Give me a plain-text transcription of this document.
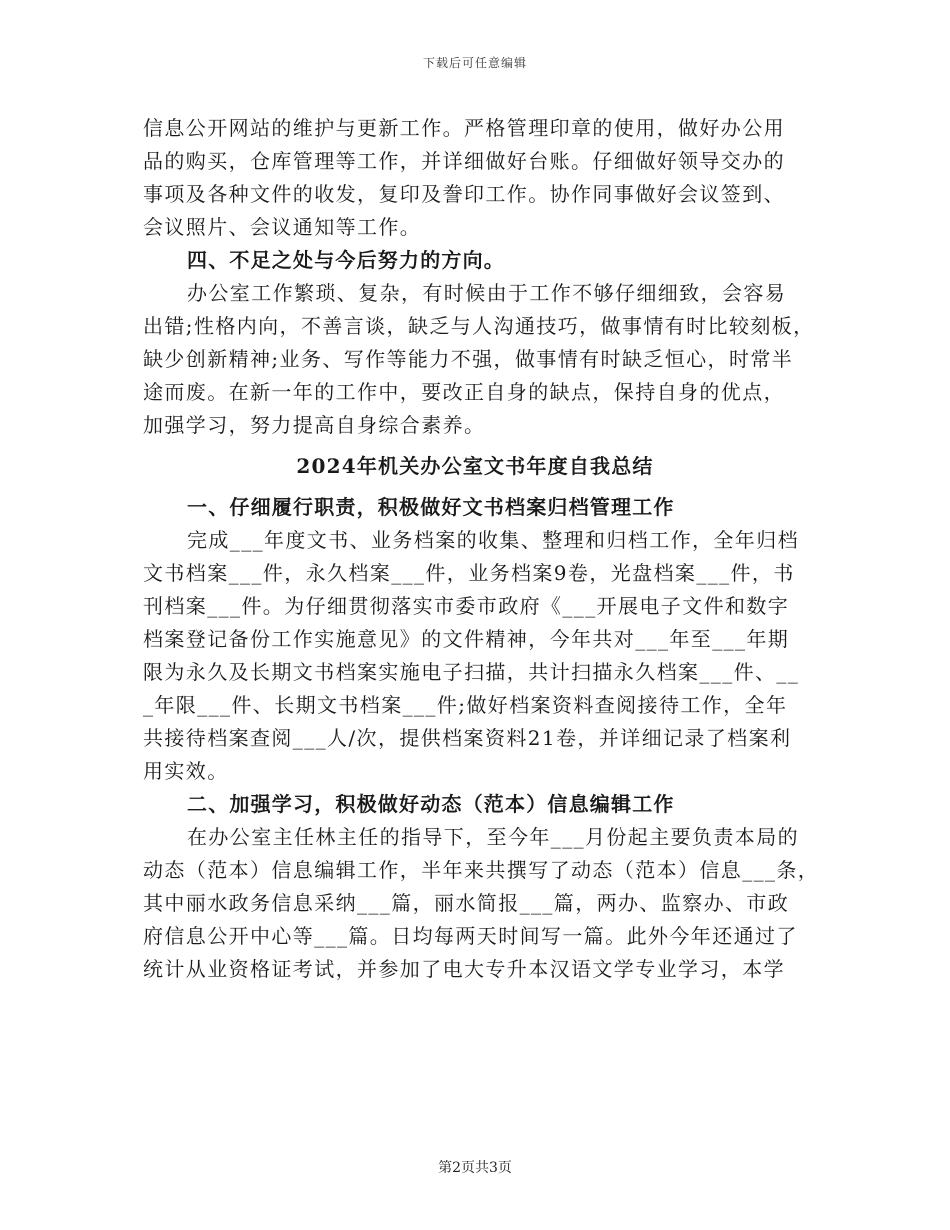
下载后可任意编辑
信息公开网站的维护与更新工作。严格管理印章的使用，做好办公用
品的购买，仓库管理等工作，并详细做好台账。仔细做好领导交办的
事项及各种文件的收发，复印及誊印工作。协作同事做好会议签到、
会议照片、会议通知等工作。
四、不足之处与今后努力的方向。
办公室工作繁琐、复杂，有时候由于工作不够仔细细致，会容易
出错;性格内向，不善言谈，缺乏与人沟通技巧，做事情有时比较刻板，
缺少创新精神;业务、写作等能力不强，做事情有时缺乏恒心，时常半
途而废。在新一年的工作中，要改正自身的缺点，保持自身的优点，
加强学习，努力提高自身综合素养。
2024年机关办公室文书年度自我总结
一、仔细履行职责，积极做好文书档案归档管理工作
完成___年度文书、业务档案的收集、整理和归档工作，全年归档
文书档案___件，永久档案___件，业务档案9卷，光盘档案___件，书
刊档案___件。为仔细贯彻落实市委市政府《___开展电子文件和数字
档案登记备份工作实施意见》的文件精神，今年共对___年至___年期
限为永久及长期文书档案实施电子扫描，共计扫描永久档案___件、__
_年限___件、长期文书档案___件;做好档案资料查阅接待工作，全年
共接待档案查阅___人/次，提供档案资料21卷，并详细记录了档案利
用实效。
二、加强学习，积极做好动态（范本）信息编辑工作
在办公室主任林主任的指导下，至今年___月份起主要负责本局的
动态（范本）信息编辑工作，半年来共撰写了动态（范本）信息___条，
其中丽水政务信息采纳___篇，丽水简报___篇，两办、监察办、市政
府信息公开中心等___篇。日均每两天时间写一篇。此外今年还通过了
统计从业资格证考试，并参加了电大专升本汉语文学专业学习，本学
第2页共3页
